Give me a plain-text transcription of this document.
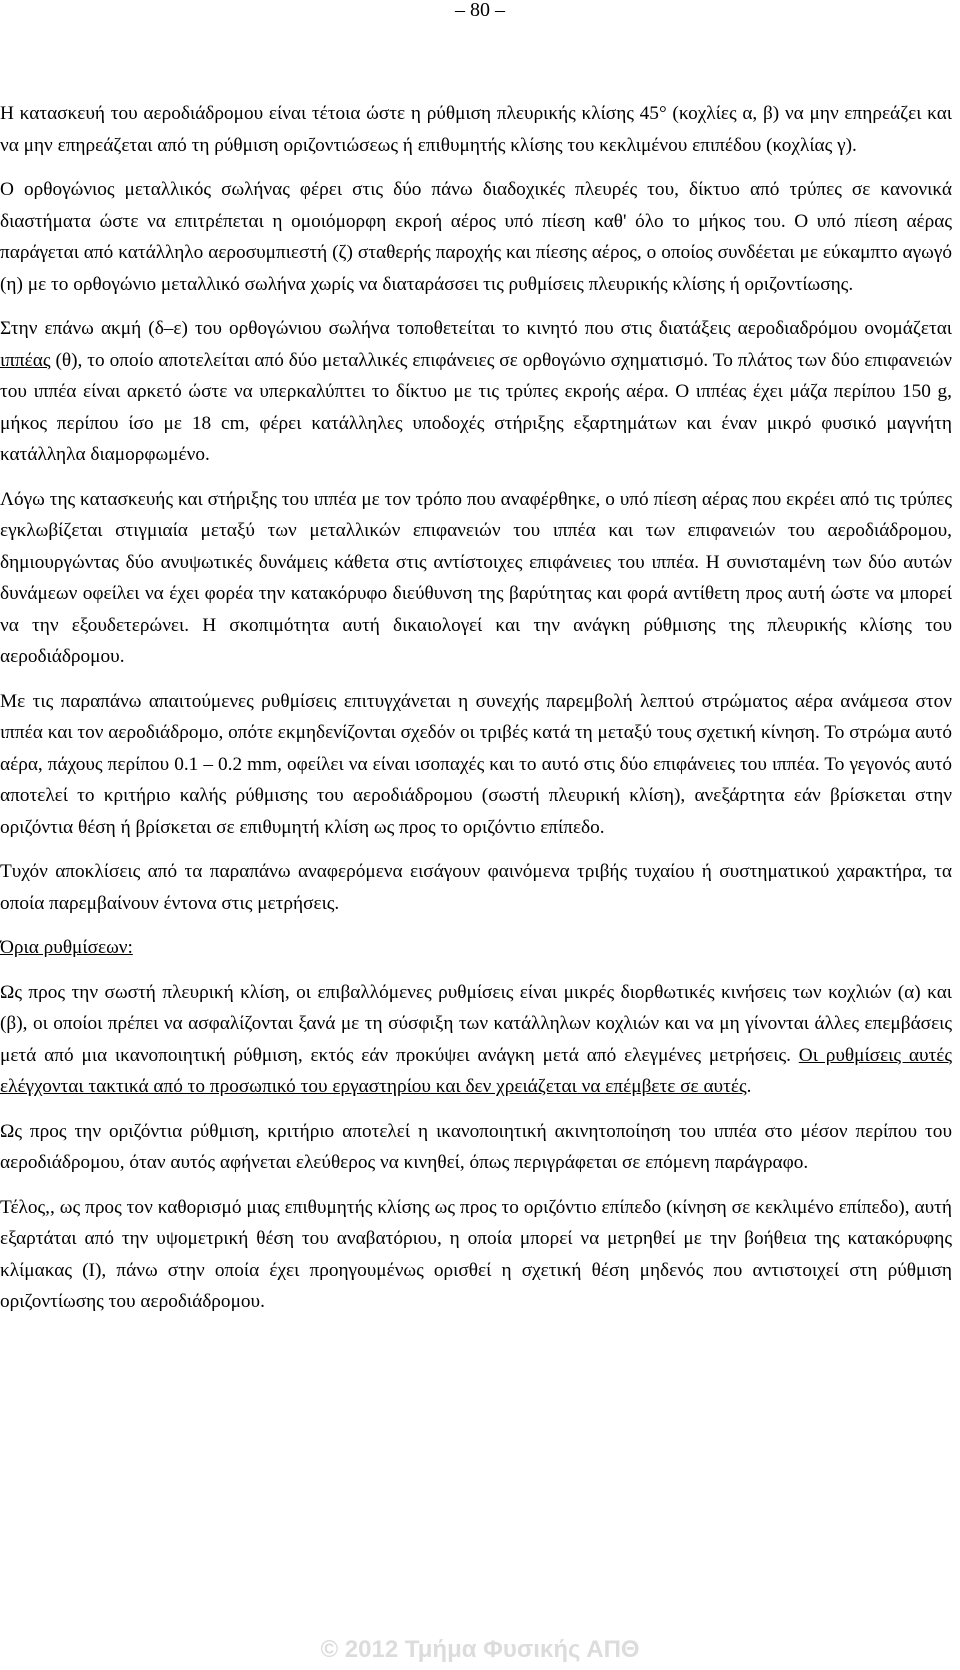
– 80 –

Η κατασκευή του αεροδιάδρομου είναι τέτοια ώστε η ρύθμιση πλευρικής κλίσης 45° (κοχλίες α, β) να μην επηρεάζει και να μην επηρεάζεται από τη ρύθμιση οριζοντιώσεως ή επιθυμητής κλίσης του κεκλιμένου επιπέδου (κοχλίας γ).

Ο ορθογώνιος μεταλλικός σωλήνας φέρει στις δύο πάνω διαδοχικές πλευρές του, δίκτυο από τρύπες σε κανονικά διαστήματα ώστε να επιτρέπεται η ομοιόμορφη εκροή αέρος υπό πίεση καθ' όλο το μήκος του. Ο υπό πίεση αέρας παράγεται από κατάλληλο αεροσυμπιεστή (ζ) σταθερής παροχής και πίεσης αέρος, ο οποίος συνδέεται με εύκαμπτο αγωγό (η) με το ορθογώνιο μεταλλικό σωλήνα χωρίς να διαταράσσει τις ρυθμίσεις πλευρικής κλίσης ή οριζοντίωσης.

Στην επάνω ακμή (δ–ε) του ορθογώνιου σωλήνα τοποθετείται το κινητό που στις διατάξεις αεροδιαδρόμου ονομάζεται ιππέας (θ), το οποίο αποτελείται από δύο μεταλλικές επιφάνειες σε ορθογώνιο σχηματισμό. Το πλάτος των δύο επιφανειών του ιππέα είναι αρκετό ώστε να υπερκαλύπτει το δίκτυο με τις τρύπες εκροής αέρα. Ο ιππέας έχει μάζα περίπου 150 g, μήκος περίπου ίσο με 18 cm, φέρει κατάλληλες υποδοχές στήριξης εξαρτημάτων και έναν μικρό φυσικό μαγνήτη κατάλληλα διαμορφωμένο.

Λόγω της κατασκευής και στήριξης του ιππέα με τον τρόπο που αναφέρθηκε, ο υπό πίεση αέρας που εκρέει από τις τρύπες εγκλωβίζεται στιγμιαία μεταξύ των μεταλλικών επιφανειών του ιππέα και των επιφανειών του αεροδιάδρομου, δημιουργώντας δύο ανυψωτικές δυνάμεις κάθετα στις αντίστοιχες επιφάνειες του ιππέα. Η συνισταμένη των δύο αυτών δυνάμεων οφείλει να έχει φορέα την κατακόρυφο διεύθυνση της βαρύτητας και φορά αντίθετη προς αυτή ώστε να μπορεί να την εξουδετερώνει. Η σκοπιμότητα αυτή δικαιολογεί και την ανάγκη ρύθμισης της πλευρικής κλίσης του αεροδιάδρομου.

Με τις παραπάνω απαιτούμενες ρυθμίσεις επιτυγχάνεται η συνεχής παρεμβολή λεπτού στρώματος αέρα ανάμεσα στον ιππέα και τον αεροδιάδρομο, οπότε εκμηδενίζονται σχεδόν οι τριβές κατά τη μεταξύ τους σχετική κίνηση. Το στρώμα αυτό αέρα, πάχους περίπου 0.1 – 0.2 mm, οφείλει να είναι ισοπαχές και το αυτό στις δύο επιφάνειες του ιππέα. Το γεγονός αυτό αποτελεί το κριτήριο καλής ρύθμισης του αεροδιάδρομου (σωστή πλευρική κλίση), ανεξάρτητα εάν βρίσκεται στην οριζόντια θέση ή βρίσκεται σε επιθυμητή κλίση ως προς το οριζόντιο επίπεδο.

Τυχόν αποκλίσεις από τα παραπάνω αναφερόμενα εισάγουν φαινόμενα τριβής τυχαίου ή συστηματικού χαρακτήρα, τα οποία παρεμβαίνουν έντονα στις μετρήσεις.

Όρια ρυθμίσεων:

Ως προς την σωστή πλευρική κλίση, οι επιβαλλόμενες ρυθμίσεις είναι μικρές διορθωτικές κινήσεις των κοχλιών (α) και (β), οι οποίοι πρέπει να ασφαλίζονται ξανά με τη σύσφιξη των κατάλληλων κοχλιών και να μη γίνονται άλλες επεμβάσεις μετά από μια ικανοποιητική ρύθμιση, εκτός εάν προκύψει ανάγκη μετά από ελεγμένες μετρήσεις. Οι ρυθμίσεις αυτές ελέγχονται τακτικά από το προσωπικό του εργαστηρίου και δεν χρειάζεται να επέμβετε σε αυτές.

Ως προς την οριζόντια ρύθμιση, κριτήριο αποτελεί η ικανοποιητική ακινητοποίηση του ιππέα στο μέσον περίπου του αεροδιάδρομου, όταν αυτός αφήνεται ελεύθερος να κινηθεί, όπως περιγράφεται σε επόμενη παράγραφο.

Τέλος,, ως προς τον καθορισμό μιας επιθυμητής κλίσης ως προς το οριζόντιο επίπεδο (κίνηση σε κεκλιμένο επίπεδο), αυτή εξαρτάται από την υψομετρική θέση του αναβατόριου, η οποία μπορεί να μετρηθεί με την βοήθεια της κατακόρυφης κλίμακας (Ι), πάνω στην οποία έχει προηγουμένως ορισθεί η σχετική θέση μηδενός που αντιστοιχεί στη ρύθμιση οριζοντίωσης του αεροδιάδρομου.

© 2012 Τμήμα Φυσικής ΑΠΘ
